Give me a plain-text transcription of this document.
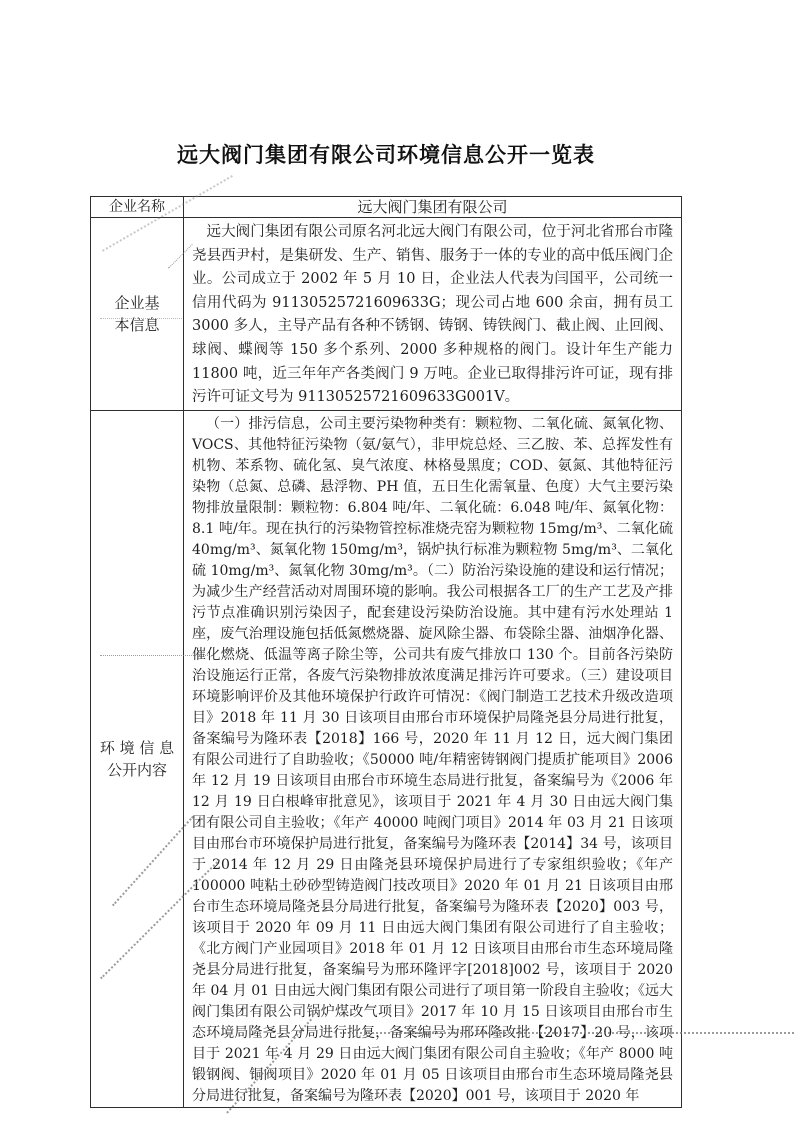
远大阀门集团有限公司环境信息公开一览表
企业名称	远大阀门集团有限公司

企业基
本信息	远大阀门集团有限公司原名河北远大阀门有限公司，位于河北省邢台市隆尧县西尹村，是集研发、生产、销售、服务于一体的专业的高中低压阀门企业。公司成立于 2002 年 5 月 10 日，企业法人代表为闫国平，公司统一信用代码为 91130525721609633G；现公司占地 600 余亩，拥有员工 3000 多人，主导产品有各种不锈钢、铸钢、铸铁阀门、截止阀、止回阀、球阀、蝶阀等 150 多个系列、2000 多种规格的阀门。设计年生产能力 11800 吨，近三年年产各类阀门 9 万吨。企业已取得排污许可证，现有排污许可证文号为 91130525721609633G001V。

环 境 信 息
公开内容	（一）排污信息，公司主要污染物种类有：颗粒物、二氧化硫、氮氧化物、VOCS、其他特征污染物（氨/氨气），非甲烷总烃、三乙胺、苯、总挥发性有机物、苯系物、硫化氢、臭气浓度、林格曼黑度；COD、氨氮、其他特征污染物（总氮、总磷、悬浮物、PH 值，五日生化需氧量、色度）大气主要污染物排放量限制：颗粒物：6.804 吨/年、二氧化硫：6.048 吨/年、氮氧化物：8.1 吨/年。现在执行的污染物管控标准烧壳窑为颗粒物 15mg/m³、二氧化硫 40mg/m³、氮氧化物 150mg/m³，锅炉执行标准为颗粒物 5mg/m³、二氧化硫 10mg/m³、氮氧化物 30mg/m³。（二）防治污染设施的建设和运行情况；为减少生产经营活动对周围环境的影响。我公司根据各工厂的生产工艺及产排污节点准确识别污染因子，配套建设污染防治设施。其中建有污水处理站 1 座，废气治理设施包括低氮燃烧器、旋风除尘器、布袋除尘器、油烟净化器、催化燃烧、低温等离子除尘等，公司共有废气排放口 130 个。目前各污染防治设施运行正常，各废气污染物排放浓度满足排污许可要求。（三）建设项目环境影响评价及其他环境保护行政许可情况：《阀门制造工艺技术升级改造项目》2018 年 11 月 30 日该项目由邢台市环境保护局隆尧县分局进行批复，备案编号为隆环表【2018】166 号，2020 年 11 月 12 日，远大阀门集团有限公司进行了自助验收；《50000 吨/年精密铸钢阀门提质扩能项目》2006 年 12 月 19 日该项目由邢台市环境生态局进行批复，备案编号为《2006 年 12 月 19 日白根峰审批意见》，该项目于 2021 年 4 月 30 日由远大阀门集团有限公司自主验收；《年产 40000 吨阀门项目》2014 年 03 月 21 日该项目由邢台市环境保护局进行批复，备案编号为隆环表【2014】34 号，该项目于 2014 年 12 月 29 日由隆尧县环境保护局进行了专家组织验收；《年产 100000 吨粘土砂砂型铸造阀门技改项目》2020 年 01 月 21 日该项目由邢台市生态环境局隆尧县分局进行批复，备案编号为隆环表【2020】003 号，该项目于 2020 年 09 月 11 日由远大阀门集团有限公司进行了自主验收；《北方阀门产业园项目》2018 年 01 月 12 日该项目由邢台市生态环境局隆尧县分局进行批复，备案编号为邢环隆评字[2018]002 号，该项目于 2020 年 04 月 01 日由远大阀门集团有限公司进行了项目第一阶段自主验收；《远大阀门集团有限公司锅炉煤改气项目》2017 年 10 月 15 日该项目由邢台市生态环境局隆尧县分局进行批复，备案编号为邢环隆改批【2017】20 号，该项目于 2021 年 4 月 29 日由远大阀门集团有限公司自主验收；《年产 8000 吨锻钢阀、铜阀项目》2020 年 01 月 05 日该项目由邢台市生态环境局隆尧县分局进行批复，备案编号为隆环表【2020】001 号，该项目于 2020 年
